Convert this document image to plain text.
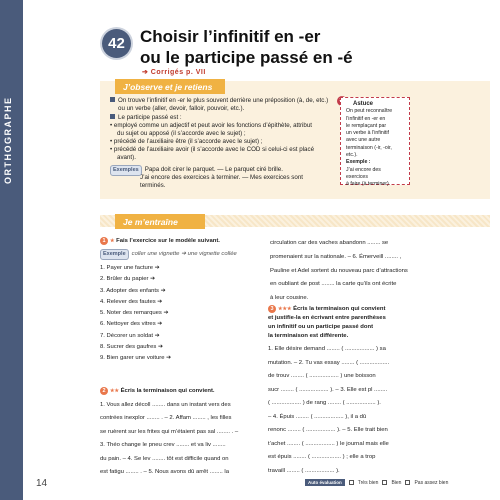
ORTHOGRAPHE
42 Choisir l’infinitif en -er
ou le participe passé en -é
➔ Corrigés p. VII
J’observe et je retiens
On trouve l’infinitif en -er le plus souvent derrière une préposition (à, de, etc.)
ou un verbe (aller, devoir, falloir, pouvoir, etc.).
Le participe passé est :
• employé comme un adjectif et peut avoir les fonctions d’épithète, attribut
du sujet ou apposé (il s’accorde avec le sujet) ;
• précédé de l’auxiliaire être (il s’accorde avec le sujet) ;
• précédé de l’auxiliaire avoir (il s’accorde avec le COD si celui-ci est placé
avant).
Exemples Papa doit cirer le parquet. — Le parquet ciré brille.
J’ai encore des exercices à terminer. — Mes exercices sont
terminés.
Astuce
On peut reconnaître
l’infinitif en -er en
le remplaçant par
un verbe à l’infinitif
avec une autre
terminaison (-ir, -oir,
etc.).
Exemple :
J’ai encore des exercices
à faire (à terminer).
Je m’entraîne
1 ★ Fais l’exercice sur le modèle suivant.
Exemple coller une vignette ➔ une vignette collée
1. Payer une facture ➔
2. Brûler du papier ➔
3. Adopter des enfants ➔
4. Relever des fautes ➔
5. Noter des remarques ➔
6. Nettoyer des vitres ➔
7. Décorer un soldat ➔
8. Sucrer des gaufres ➔
9. Bien garer une voiture ➔
2 ★★ Écris la terminaison qui convient.
1. Vous allez décoll ........ dans un instant vers des
contrées inexplor ........ . – 2. Affam ........ , les filles
se ruèrent sur les frites qui m’étaient pas sal ........ . –
3. Théo change le pneu crev ........ et va liv ........
du pain. – 4. Se lev ........ tôt est difficile quand on
est fatigu ........ . – 5. Nous avons dû arrêt ........ la
circulation car des vaches abandonn ........ se
promenaient sur la nationale. – 6. Émerveill ........ ,
Pauline et Adel sortent du nouveau parc d’attractions
en oubliant de post ........ la carte qu’ils ont écrite
à leur cousine.
3 ★★★ Écris la terminaison qui convient
et justifie-la en écrivant entre parenthèses
un infinitif ou un participe passé dont
la terminaison est différente.
1. Elle désire demand ........ ( .................. ) sa
mutation. – 2. Tu vas essay ........ ( ..................
de trouv ........ ( .................. ) une boisson
sucr ........ ( .................. ). – 3. Elle est pl ........
( .................. ) de rang ........ ( .................. ).
– 4. Épuis ........ ( .................. ), il a dû
renonc ........ ( .................. ). – 5. Elle trait bien
t’achet ........ ( .................. ) le journal mais elle
est épuis ........ ( .................. ) ; elle a trop
travaill ........ ( .................. ).
14	Auto évaluation	Très bien	Bien	Pas assez bien
